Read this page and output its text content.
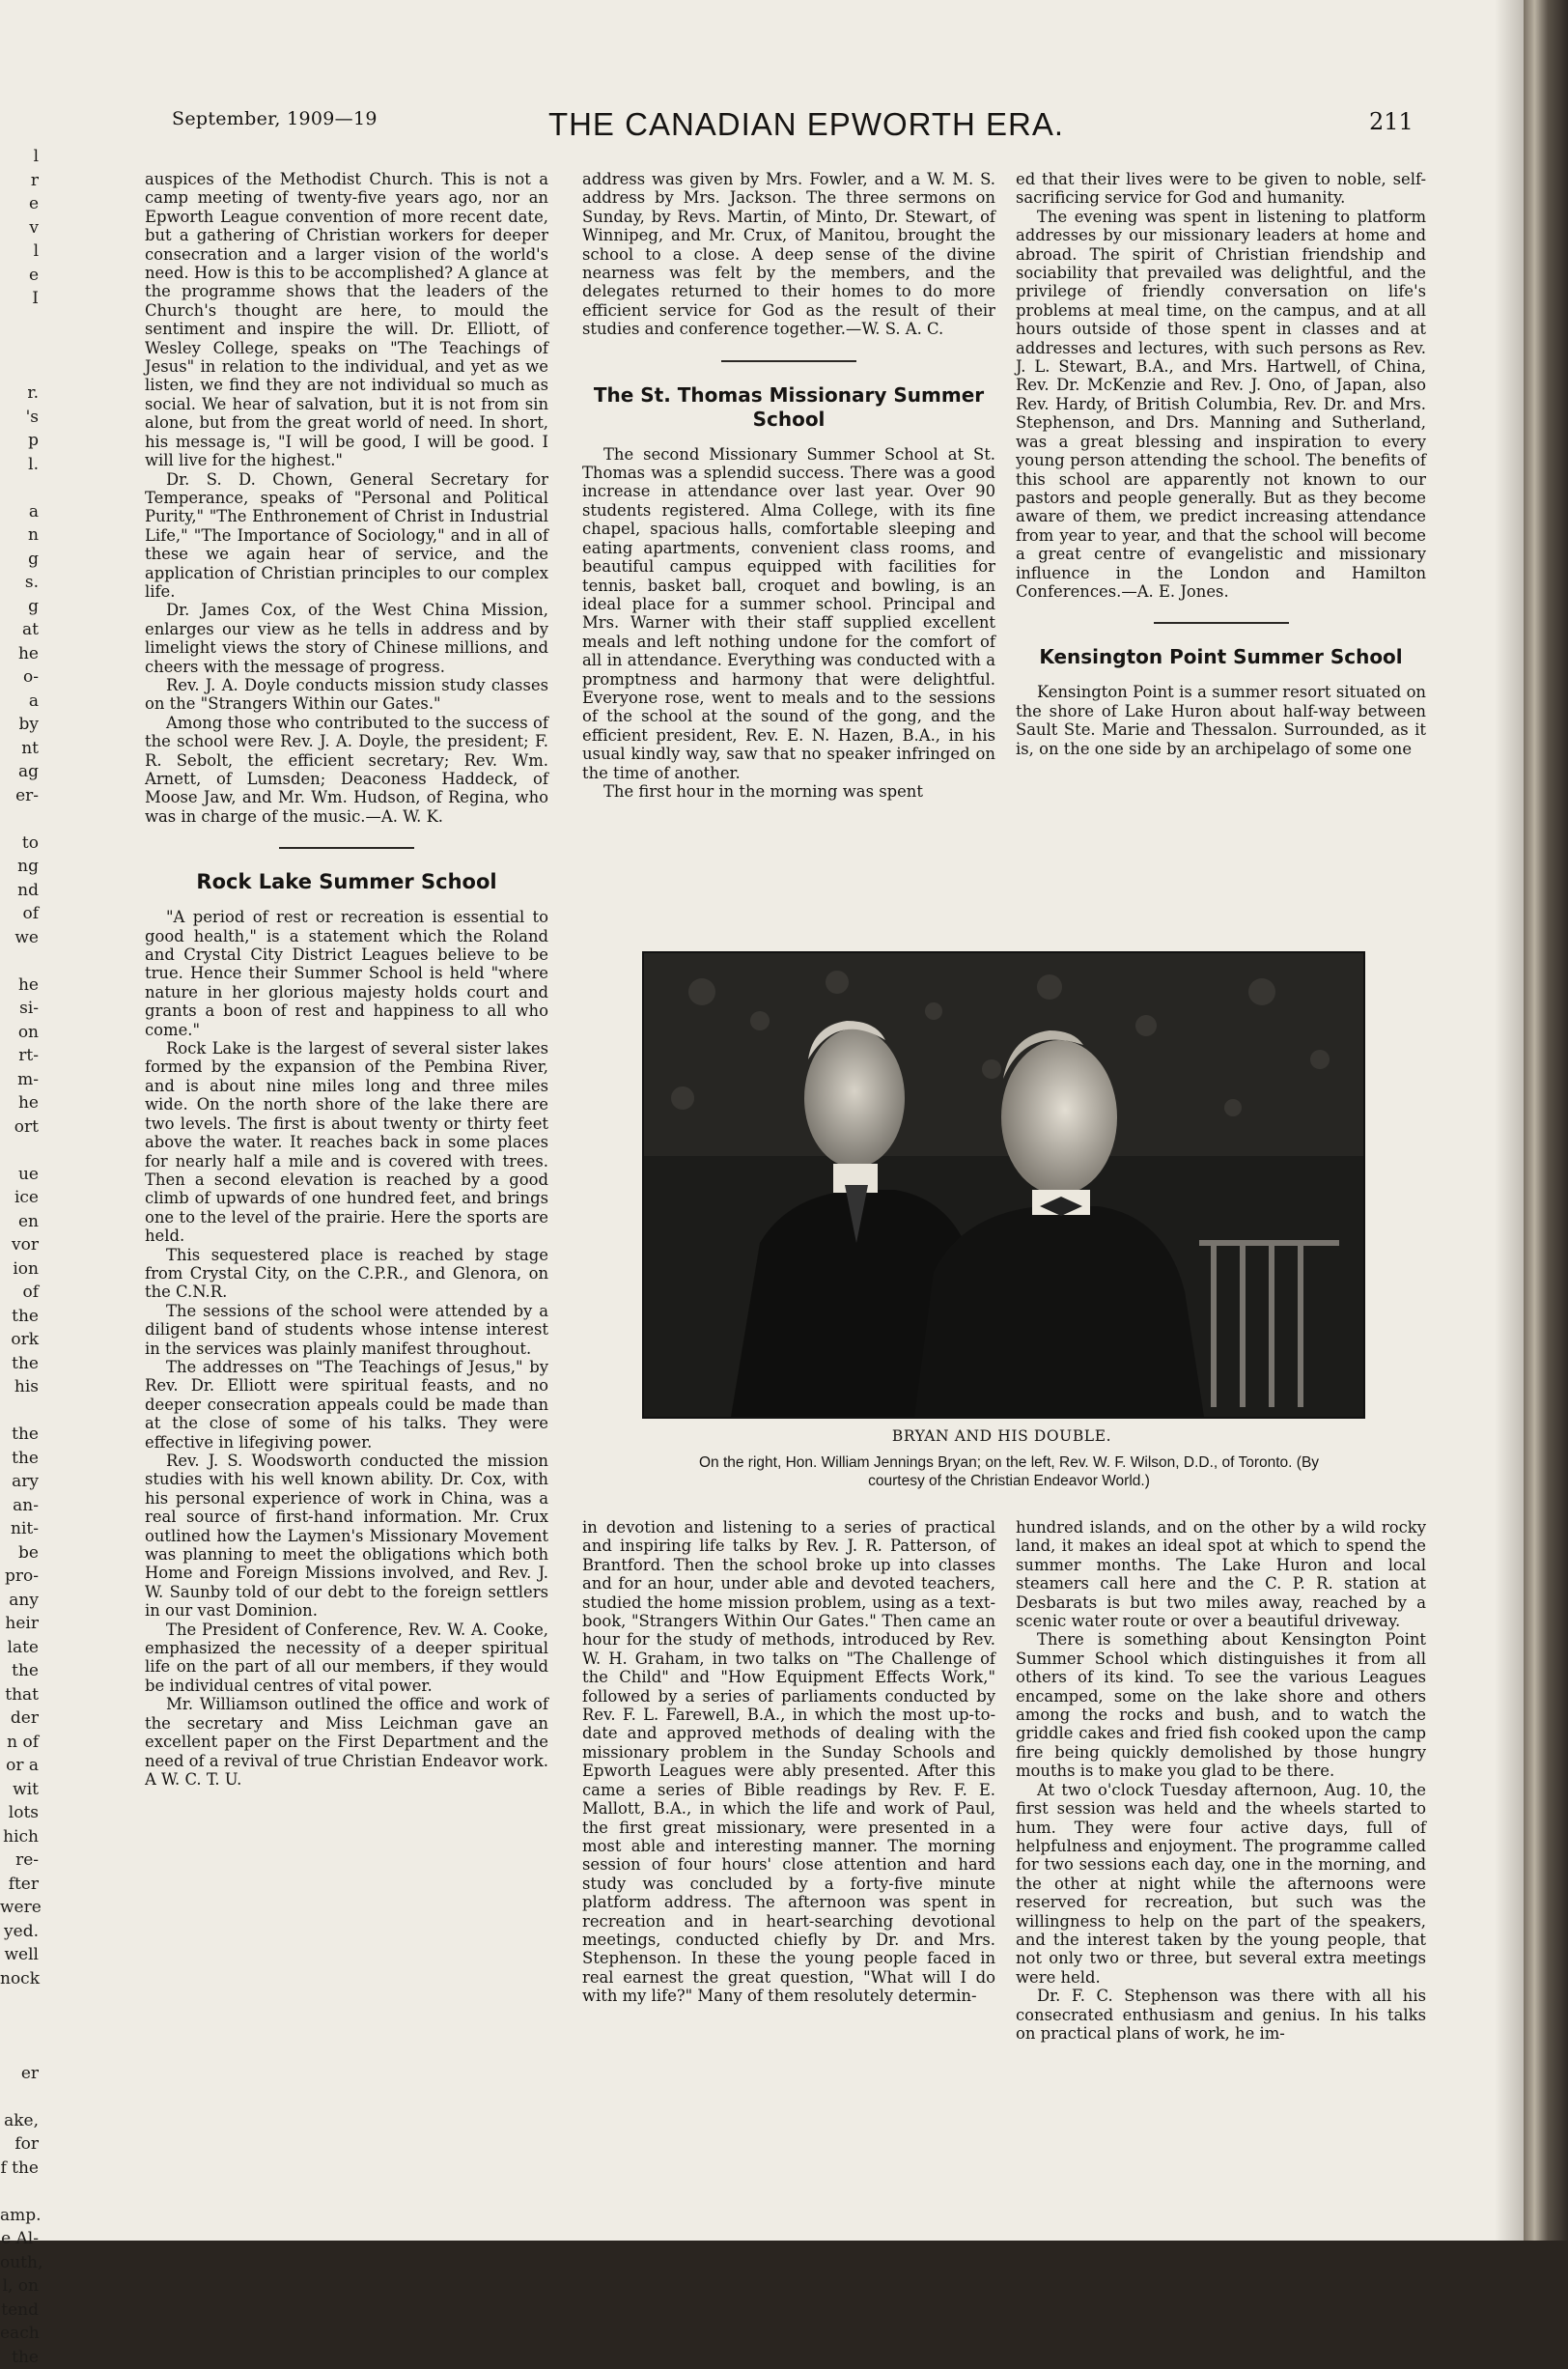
l
r
e
v
l
e
I
r.
's
p
l.
a
n
g
s.
g
at
he
o-
a
by
nt
ag
er-
to
ng
nd
of
we
he
si-
on
rt-
m-
he
ort
ue
ice
en
vor
ion
of
the
ork
the
his
the
the
ary
an-
nit-
be
pro-
any
heir
late
the
that
der
n of
or a
wit
lots
hich
re-
fter
were
yed.
well
nock
er
ake,
for
f the
amp.
e Al-
outh,
l, on
tend
each
the
September, 1909—19	THE CANADIAN EPWORTH ERA.	211

auspices of the Methodist Church. This is not a camp meeting of twenty-five years ago, nor an Epworth League convention of more recent date, but a gathering of Christian workers for deeper consecration and a larger vision of the world's need. How is this to be accomplished? A glance at the programme shows that the leaders of the Church's thought are here, to mould the sentiment and inspire the will. Dr. Elliott, of Wesley College, speaks on "The Teachings of Jesus" in relation to the individual, and yet as we listen, we find they are not individual so much as social. We hear of salvation, but it is not from sin alone, but from the great world of need. In short, his message is, "I will be good, I will be good. I will live for the highest."

Dr. S. D. Chown, General Secretary for Temperance, speaks of "Personal and Political Purity," "The Enthronement of Christ in Industrial Life," "The Importance of Sociology," and in all of these we again hear of service, and the application of Christian principles to our complex life.

Dr. James Cox, of the West China Mission, enlarges our view as he tells in address and by limelight views the story of Chinese millions, and cheers with the message of progress.

Rev. J. A. Doyle conducts mission study classes on the "Strangers Within our Gates."

Among those who contributed to the success of the school were Rev. J. A. Doyle, the president; F. R. Sebolt, the efficient secretary; Rev. Wm. Arnett, of Lumsden; Deaconess Haddeck, of Moose Jaw, and Mr. Wm. Hudson, of Regina, who was in charge of the music.—A. W. K.

Rock Lake Summer School

"A period of rest or recreation is essential to good health," is a statement which the Roland and Crystal City District Leagues believe to be true. Hence their Summer School is held "where nature in her glorious majesty holds court and grants a boon of rest and happiness to all who come."

Rock Lake is the largest of several sister lakes formed by the expansion of the Pembina River, and is about nine miles long and three miles wide. On the north shore of the lake there are two levels. The first is about twenty or thirty feet above the water. It reaches back in some places for nearly half a mile and is covered with trees. Then a second elevation is reached by a good climb of upwards of one hundred feet, and brings one to the level of the prairie. Here the sports are held.

This sequestered place is reached by stage from Crystal City, on the C.P.R., and Glenora, on the C.N.R.

The sessions of the school were attended by a diligent band of students whose intense interest in the services was plainly manifest throughout.

The addresses on "The Teachings of Jesus," by Rev. Dr. Elliott were spiritual feasts, and no deeper consecration appeals could be made than at the close of some of his talks. They were effective in lifegiving power.

Rev. J. S. Woodsworth conducted the mission studies with his well known ability. Dr. Cox, with his personal experience of work in China, was a real source of first-hand information. Mr. Crux outlined how the Laymen's Missionary Movement was planning to meet the obligations which both Home and Foreign Missions involved, and Rev. J. W. Saunby told of our debt to the foreign settlers in our vast Dominion.

The President of Conference, Rev. W. A. Cooke, emphasized the necessity of a deeper spiritual life on the part of all our members, if they would be individual centres of vital power.

Mr. Williamson outlined the office and work of the secretary and Miss Leichman gave an excellent paper on the First Department and the need of a revival of true Christian Endeavor work. A W. C. T. U.

address was given by Mrs. Fowler, and a W. M. S. address by Mrs. Jackson. The three sermons on Sunday, by Revs. Martin, of Minto, Dr. Stewart, of Winnipeg, and Mr. Crux, of Manitou, brought the school to a close. A deep sense of the divine nearness was felt by the members, and the delegates returned to their homes to do more efficient service for God as the result of their studies and conference together.—W. S. A. C.

The St. Thomas Missionary Summer School

The second Missionary Summer School at St. Thomas was a splendid success. There was a good increase in attendance over last year. Over 90 students registered. Alma College, with its fine chapel, spacious halls, comfortable sleeping and eating apartments, convenient class rooms, and beautiful campus equipped with facilities for tennis, basket ball, croquet and bowling, is an ideal place for a summer school. Principal and Mrs. Warner with their staff supplied excellent meals and left nothing undone for the comfort of all in attendance. Everything was conducted with a promptness and harmony that were delightful. Everyone rose, went to meals and to the sessions of the school at the sound of the gong, and the efficient president, Rev. E. N. Hazen, B.A., in his usual kindly way, saw that no speaker infringed on the time of another.

The first hour in the morning was spent

ed that their lives were to be given to noble, self-sacrificing service for God and humanity.

The evening was spent in listening to platform addresses by our missionary leaders at home and abroad. The spirit of Christian friendship and sociability that prevailed was delightful, and the privilege of friendly conversation on life's problems at meal time, on the campus, and at all hours outside of those spent in classes and at addresses and lectures, with such persons as Rev. J. L. Stewart, B.A., and Mrs. Hartwell, of China, Rev. Dr. McKenzie and Rev. J. Ono, of Japan, also Rev. Hardy, of British Columbia, Rev. Dr. and Mrs. Stephenson, and Drs. Manning and Sutherland, was a great blessing and inspiration to every young person attending the school. The benefits of this school are apparently not known to our pastors and people generally. But as they become aware of them, we predict increasing attendance from year to year, and that the school will become a great centre of evangelistic and missionary influence in the London and Hamilton Conferences.—A. E. Jones.

Kensington Point Summer School

Kensington Point is a summer resort situated on the shore of Lake Huron about half-way between Sault Ste. Marie and Thessalon. Surrounded, as it is, on the one side by an archipelago of some one

BRYAN AND HIS DOUBLE.
On the right, Hon. William Jennings Bryan; on the left, Rev. W. F. Wilson, D.D., of Toronto. (By courtesy of the Christian Endeavor World.)

in devotion and listening to a series of practical and inspiring life talks by Rev. J. R. Patterson, of Brantford. Then the school broke up into classes and for an hour, under able and devoted teachers, studied the home mission problem, using as a text-book, "Strangers Within Our Gates." Then came an hour for the study of methods, introduced by Rev. W. H. Graham, in two talks on "The Challenge of the Child" and "How Equipment Effects Work," followed by a series of parliaments conducted by Rev. F. L. Farewell, B.A., in which the most up-to-date and approved methods of dealing with the missionary problem in the Sunday Schools and Epworth Leagues were ably presented. After this came a series of Bible readings by Rev. F. E. Mallott, B.A., in which the life and work of Paul, the first great missionary, were presented in a most able and interesting manner. The morning session of four hours' close attention and hard study was concluded by a forty-five minute platform address. The afternoon was spent in recreation and in heart-searching devotional meetings, conducted chiefly by Dr. and Mrs. Stephenson. In these the young people faced in real earnest the great question, "What will I do with my life?" Many of them resolutely determin-

hundred islands, and on the other by a wild rocky land, it makes an ideal spot at which to spend the summer months. The Lake Huron and local steamers call here and the C. P. R. station at Desbarats is but two miles away, reached by a scenic water route or over a beautiful driveway.

There is something about Kensington Point Summer School which distinguishes it from all others of its kind. To see the various Leagues encamped, some on the lake shore and others among the rocks and bush, and to watch the griddle cakes and fried fish cooked upon the camp fire being quickly demolished by those hungry mouths is to make you glad to be there.

At two o'clock Tuesday afternoon, Aug. 10, the first session was held and the wheels started to hum. They were four active days, full of helpfulness and enjoyment. The programme called for two sessions each day, one in the morning, and the other at night while the afternoons were reserved for recreation, but such was the willingness to help on the part of the speakers, and the interest taken by the young people, that not only two or three, but several extra meetings were held.

Dr. F. C. Stephenson was there with all his consecrated enthusiasm and genius. In his talks on practical plans of work, he im-
